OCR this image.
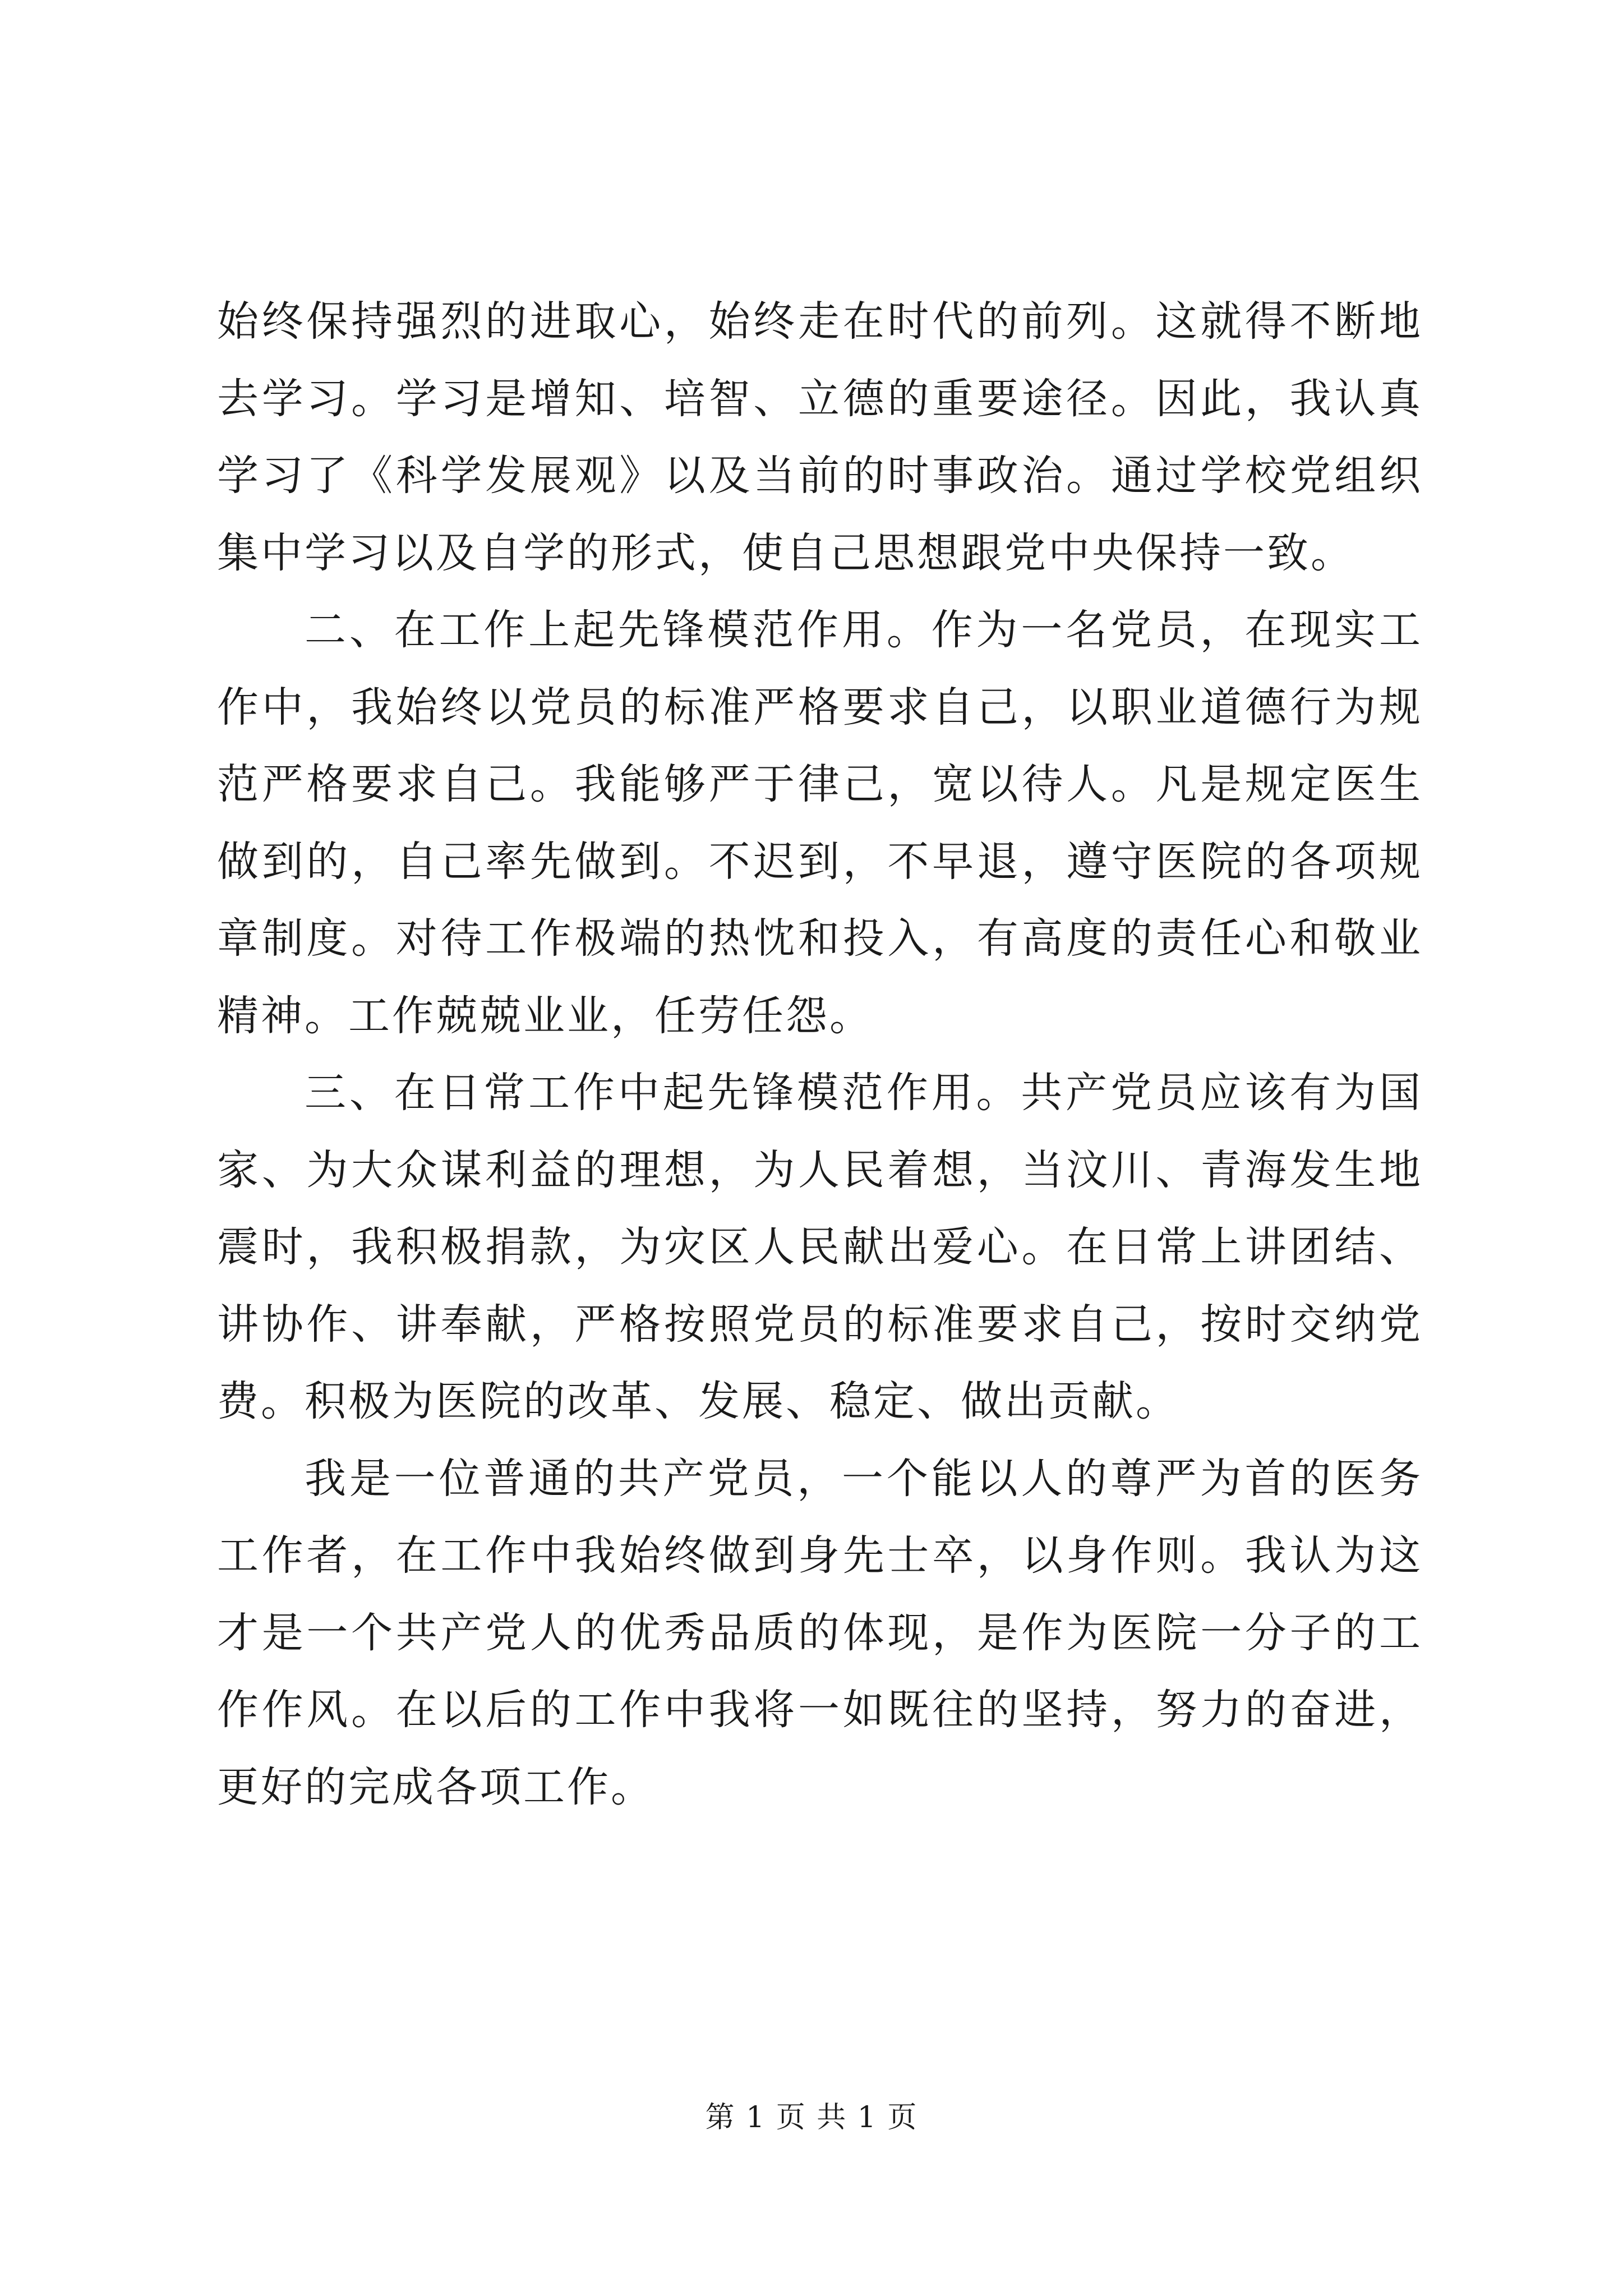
始终保持强烈的进取心，始终走在时代的前列。这就得不断地去学习。学习是增知、培智、立德的重要途径。因此，我认真学习了《科学发展观》以及当前的时事政治。通过学校党组织集中学习以及自学的形式，使自己思想跟党中央保持一致。

二、在工作上起先锋模范作用。作为一名党员，在现实工作中，我始终以党员的标准严格要求自己，以职业道德行为规范严格要求自己。我能够严于律己，宽以待人。凡是规定医生做到的，自己率先做到。不迟到，不早退，遵守医院的各项规章制度。对待工作极端的热忱和投入，有高度的责任心和敬业精神。工作兢兢业业，任劳任怨。

三、在日常工作中起先锋模范作用。共产党员应该有为国家、为大众谋利益的理想，为人民着想，当汶川、青海发生地震时，我积极捐款，为灾区人民献出爱心。在日常上讲团结、讲协作、讲奉献，严格按照党员的标准要求自己，按时交纳党费。积极为医院的改革、发展、稳定、做出贡献。

我是一位普通的共产党员，一个能以人的尊严为首的医务工作者，在工作中我始终做到身先士卒，以身作则。我认为这才是一个共产党人的优秀品质的体现，是作为医院一分子的工作作风。在以后的工作中我将一如既往的坚持，努力的奋进，更好的完成各项工作。

第 1 页 共 1 页
